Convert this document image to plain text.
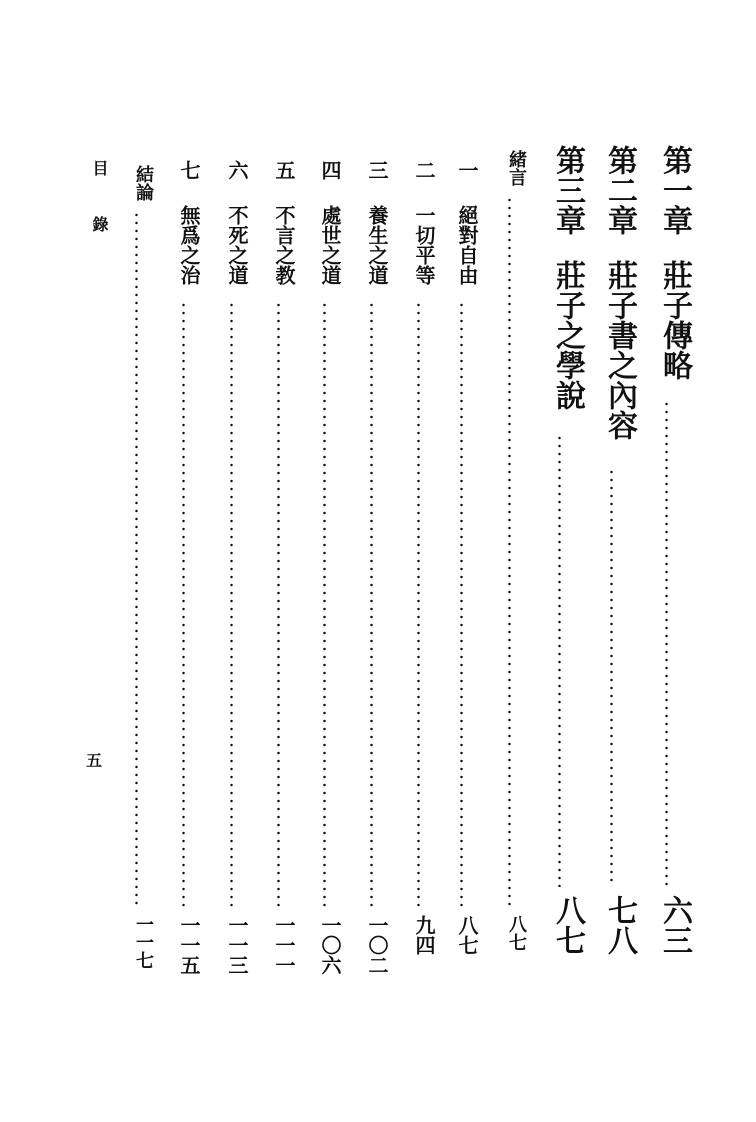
第一章
莊子傳略
六三
第二章
莊子書之內容
七八
第三章
莊子之學說
八七
緒言
八七
一
絕對自由
八七
二
一切平等
九四
三
養生之道
一〇二
四
處世之道
一〇六
五
不言之教
一一一
六
不死之道
一一三
七
無爲之治
一一五
結論
一一七
目錄
五
